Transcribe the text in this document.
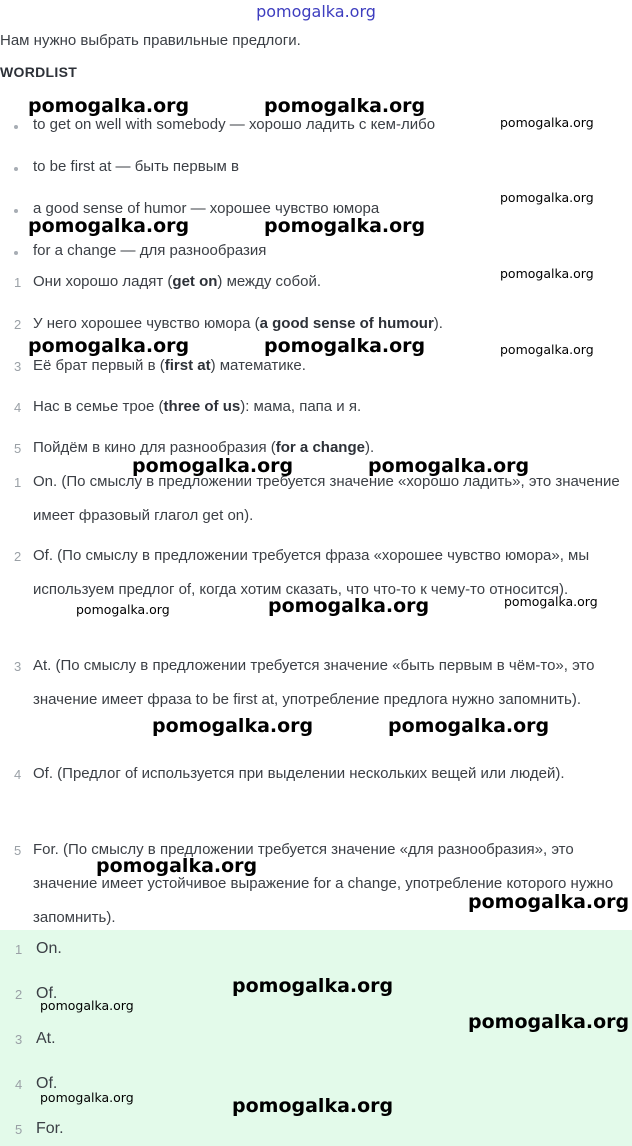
pomogalka.org
Нам нужно выбрать правильные предлоги.
WORDLIST
to get on well with somebody — хорошо ладить с кем-либо
to be first at — быть первым в
a good sense of humor — хорошее чувство юмора
for a change — для разнообразия
1 Они хорошо ладят (get on) между собой.
2 У него хорошее чувство юмора (a good sense of humour).
3 Её брат первый в (first at) математике.
4 Нас в семье трое (three of us): мама, папа и я.
5 Пойдём в кино для разнообразия (for a change).
1 On. (По смыслу в предложении требуется значение «хорошо ладить», это значение имеет фразовый глагол get on).
2 Of. (По смыслу в предложении требуется фраза «хорошее чувство юмора», мы используем предлог of, когда хотим сказать, что что-то к чему-то относится).
3 At. (По смыслу в предложении требуется значение «быть первым в чём-то», это значение имеет фраза to be first at, употребление предлога нужно запомнить).
4 Of. (Предлог of используется при выделении нескольких вещей или людей).
5 For. (По смыслу в предложении требуется значение «для разнообразия», это значение имеет устойчивое выражение for a change, употребление которого нужно запомнить).
1 On.
2 Of.
3 At.
4 Of.
5 For.
pomogalka.org	pomogalka.org
pomogalka.org
pomogalka.org
pomogalka.org	pomogalka.org
pomogalka.org
pomogalka.org	pomogalka.org	pomogalka.org
pomogalka.org	pomogalka.org
pomogalka.org	pomogalka.org	pomogalka.org
pomogalka.org	pomogalka.org
pomogalka.org
pomogalka.org
pomogalka.org
pomogalka.org
pomogalka.org
pomogalka.org	pomogalka.org
